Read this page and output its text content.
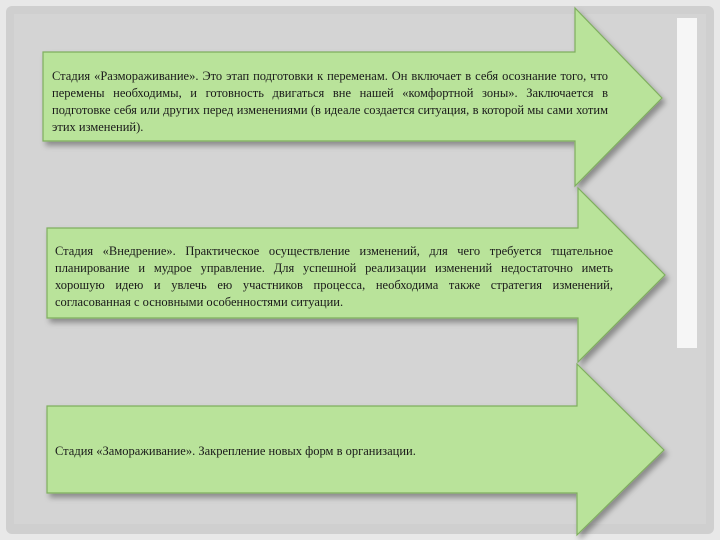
Стадия «Размораживание». Это этап подготовки к переменам. Он включает в себя осознание того, что перемены необходимы, и готовность двигаться вне нашей «комфортной зоны». Заключается в подготовке себя или других перед изменениями (в идеале создается ситуация, в которой мы сами хотим этих изменений).
Стадия «Внедрение». Практическое осуществление изменений, для чего требуется тщательное планирование и мудрое управление. Для успешной реализации изменений недостаточно иметь хорошую идею и увлечь ею участников процесса, необходима также стратегия изменений, согласованная с основными особенностями ситуации.
Стадия «Замораживание». Закрепление новых форм в организации.
